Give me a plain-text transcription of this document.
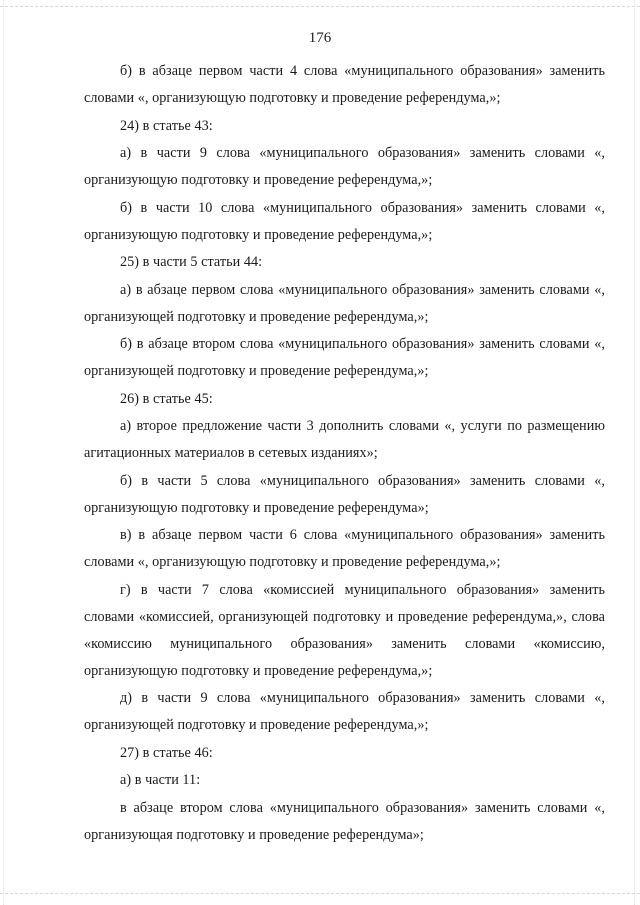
176

б) в абзаце первом части 4 слова «муниципального образования» заменить словами «, организующую подготовку и проведение референдума,»;

24) в статье 43:

а) в части 9 слова «муниципального образования» заменить словами «, организующую подготовку и проведение референдума,»;

б) в части 10 слова «муниципального образования» заменить словами «, организующую подготовку и проведение референдума,»;

25) в части 5 статьи 44:

а) в абзаце первом слова «муниципального образования» заменить словами «, организующей подготовку и проведение референдума,»;

б) в абзаце втором слова «муниципального образования» заменить словами «, организующей подготовку и проведение референдума,»;

26) в статье 45:

а) второе предложение части 3 дополнить словами «, услуги по размещению агитационных материалов в сетевых изданиях»;

б) в части 5 слова «муниципального образования» заменить словами «, организующую подготовку и проведение референдума»;

в) в абзаце первом части 6 слова «муниципального образования» заменить словами «, организующую подготовку и проведение референдума,»;

г) в части 7 слова «комиссией муниципального образования» заменить словами «комиссией, организующей подготовку и проведение референдума,», слова «комиссию муниципального образования» заменить словами «комиссию, организующую подготовку и проведение референдума,»;

д) в части 9 слова «муниципального образования» заменить словами «, организующей подготовку и проведение референдума,»;

27) в статье 46:

а) в части 11:

в абзаце втором слова «муниципального образования» заменить словами «, организующая подготовку и проведение референдума»;
